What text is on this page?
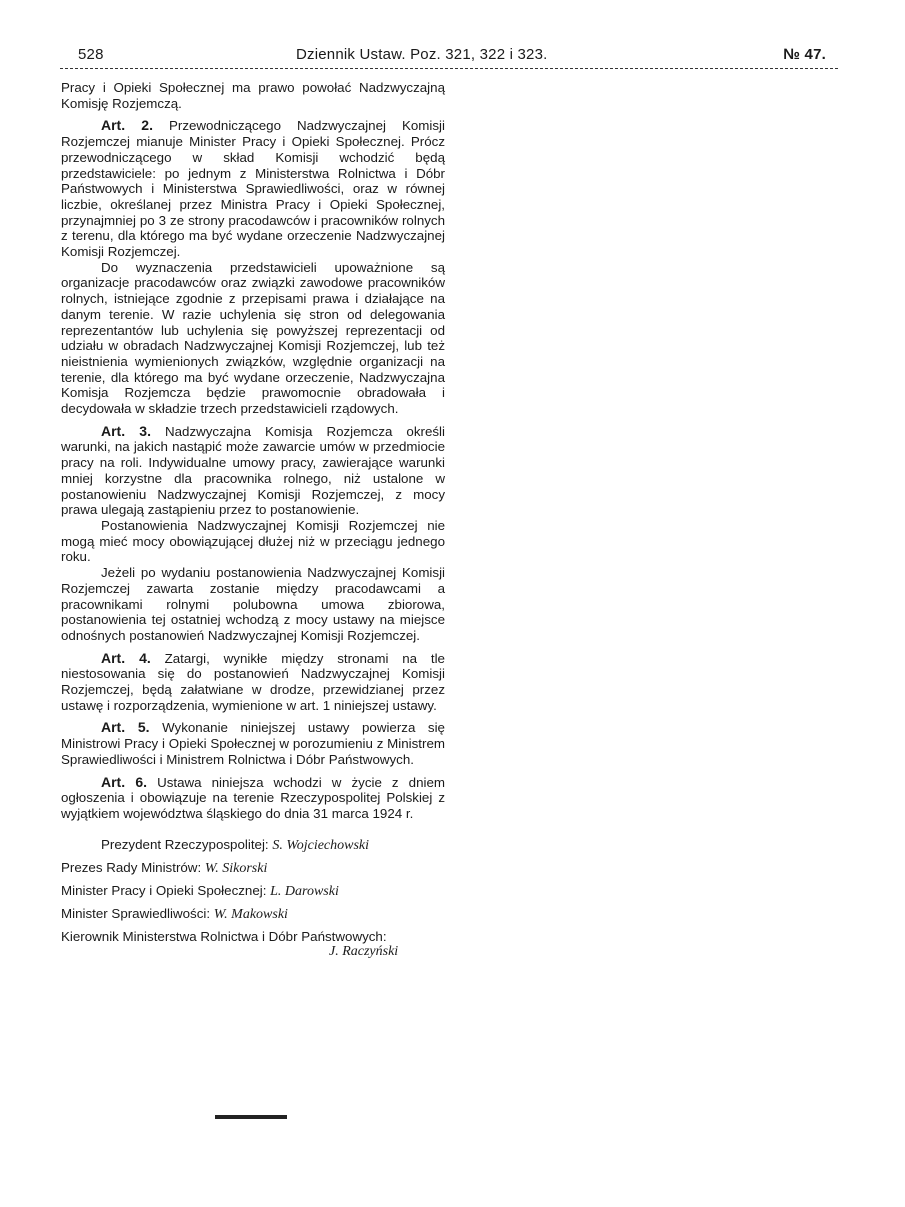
528	Dziennik Ustaw. Poz. 321, 322 i 323.	№ 47.

Pracy i Opieki Społecznej ma prawo powołać Nadzwyczajną Komisję Rozjemczą.

Art. 2. Przewodniczącego Nadzwyczajnej Komisji Rozjemczej mianuje Minister Pracy i Opieki Społecznej. Prócz przewodniczącego w skład Komisji wchodzić będą przedstawiciele: po jednym z Ministerstwa Rolnictwa i Dóbr Państwowych i Ministerstwa Sprawiedliwości, oraz w równej liczbie, określanej przez Ministra Pracy i Opieki Społecznej, przynajmniej po 3 ze strony pracodawców i pracowników rolnych z terenu, dla którego ma być wydane orzeczenie Nadzwyczajnej Komisji Rozjemczej.

Do wyznaczenia przedstawicieli upoważnione są organizacje pracodawców oraz związki zawodowe pracowników rolnych, istniejące zgodnie z przepisami prawa i działające na danym terenie. W razie uchylenia się stron od delegowania reprezentantów lub uchylenia się powyższej reprezentacji od udziału w obradach Nadzwyczajnej Komisji Rozjemczej, lub też nieistnienia wymienionych związków, względnie organizacji na terenie, dla którego ma być wydane orzeczenie, Nadzwyczajna Komisja Rozjemcza będzie prawomocnie obradowała i decydowała w składzie trzech przedstawicieli rządowych.

Art. 3. Nadzwyczajna Komisja Rozjemcza określi warunki, na jakich nastąpić może zawarcie umów w przedmiocie pracy na roli. Indywidualne umowy pracy, zawierające warunki mniej korzystne dla pracownika rolnego, niż ustalone w postanowieniu Nadzwyczajnej Komisji Rozjemczej, z mocy prawa ulegają zastąpieniu przez to postanowienie.

Postanowienia Nadzwyczajnej Komisji Rozjemczej nie mogą mieć mocy obowiązującej dłużej niż w przeciągu jednego roku.

Jeżeli po wydaniu postanowienia Nadzwyczajnej Komisji Rozjemczej zawarta zostanie między pracodawcami a pracownikami rolnymi polubowna umowa zbiorowa, postanowienia tej ostatniej wchodzą z mocy ustawy na miejsce odnośnych postanowień Nadzwyczajnej Komisji Rozjemczej.

Art. 4. Zatargi, wynikłe między stronami na tle niestosowania się do postanowień Nadzwyczajnej Komisji Rozjemczej, będą załatwiane w drodze, przewidzianej przez ustawę i rozporządzenia, wymienione w art. 1 niniejszej ustawy.

Art. 5. Wykonanie niniejszej ustawy powierza się Ministrowi Pracy i Opieki Społecznej w porozumieniu z Ministrem Sprawiedliwości i Ministrem Rolnictwa i Dóbr Państwowych.

Art. 6. Ustawa niniejsza wchodzi w życie z dniem ogłoszenia i obowiązuje na terenie Rzeczypospolitej Polskiej z wyjątkiem województwa śląskiego do dnia 31 marca 1924 r.

Prezydent Rzeczypospolitej: S. Wojciechowski
Prezes Rady Ministrów: W. Sikorski
Minister Pracy i Opieki Społecznej: L. Darowski
Minister Sprawiedliwości: W. Makowski
Kierownik Ministerstwa Rolnictwa i Dóbr Państwowych:
J. Raczyński
